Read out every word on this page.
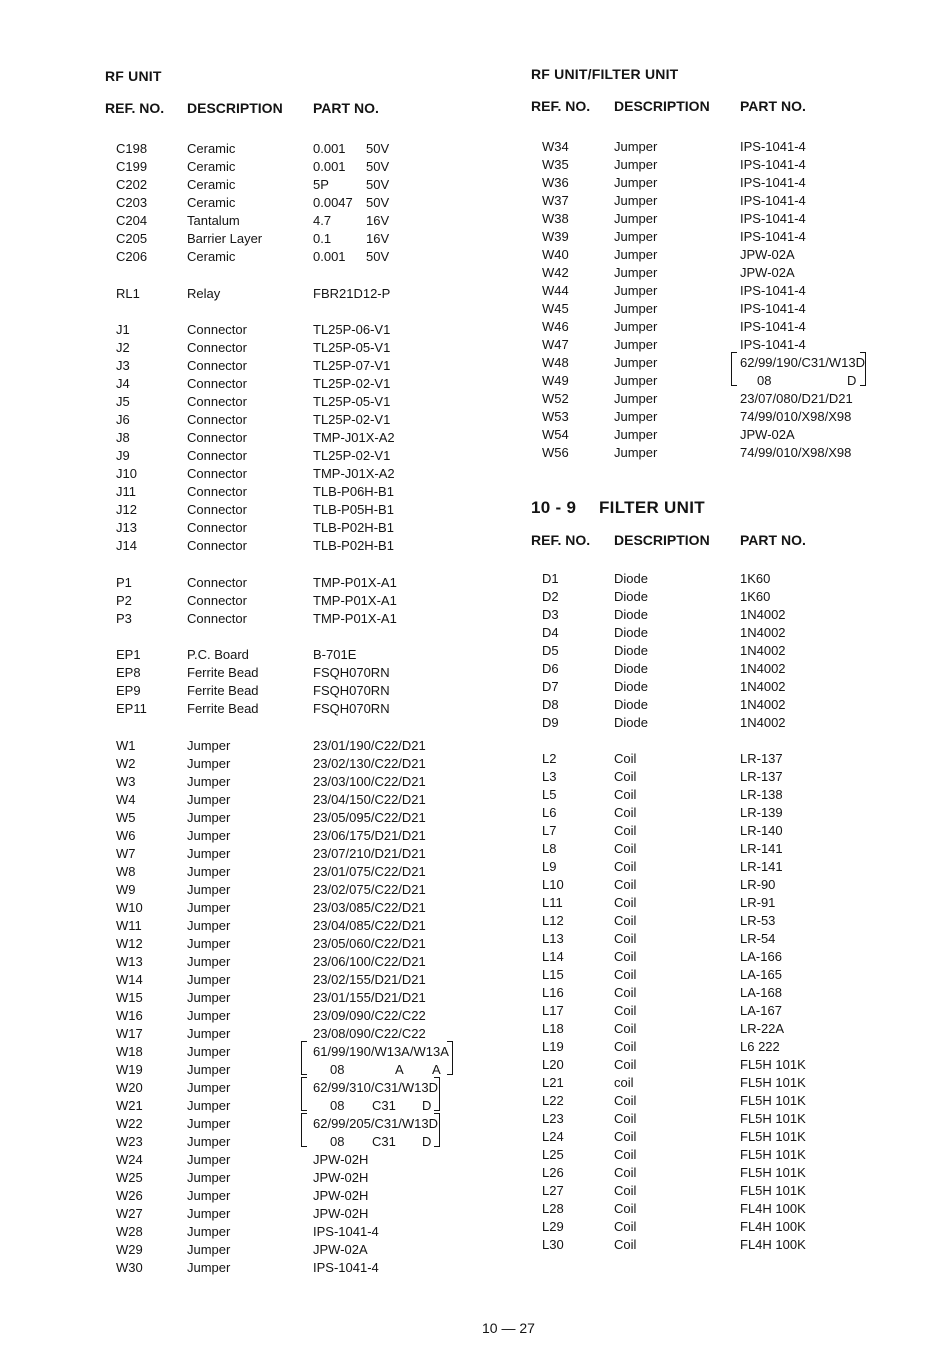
RF UNIT
REF. NO. DESCRIPTION PART NO.
C198	Ceramic	0.001 50V
C199	Ceramic	0.001 50V
C202	Ceramic	5P	50V
C203	Ceramic	0.0047 50V
C204	Tantalum	4.7	16V
C205	Barrier Layer	0.1	16V
C206	Ceramic	0.001 50V
RL1	Relay	FBR21D12-P
J1	Connector	TL25P-06-V1
J2	Connector	TL25P-05-V1
J3	Connector	TL25P-07-V1
J4	Connector	TL25P-02-V1
J5	Connector	TL25P-05-V1
J6	Connector	TL25P-02-V1
J8	Connector	TMP-J01X-A2
J9	Connector	TL25P-02-V1
J10	Connector	TMP-J01X-A2
J11	Connector	TLB-P06H-B1
J12	Connector	TLB-P05H-B1
J13	Connector	TLB-P02H-B1
J14	Connector	TLB-P02H-B1
P1	Connector	TMP-P01X-A1
P2	Connector	TMP-P01X-A1
P3	Connector	TMP-P01X-A1
EP1	P.C. Board	B-701E
EP8	Ferrite Bead	FSQH070RN
EP9	Ferrite Bead	FSQH070RN
EP11	Ferrite Bead	FSQH070RN
W1	Jumper	23/01/190/C22/D21
W2	Jumper	23/02/130/C22/D21
W3	Jumper	23/03/100/C22/D21
W4	Jumper	23/04/150/C22/D21
W5	Jumper	23/05/095/C22/D21
W6	Jumper	23/06/175/D21/D21
W7	Jumper	23/07/210/D21/D21
W8	Jumper	23/01/075/C22/D21
W9	Jumper	23/02/075/C22/D21
W10	Jumper	23/03/085/C22/D21
W11	Jumper	23/04/085/C22/D21
W12	Jumper	23/05/060/C22/D21
W13	Jumper	23/06/100/C22/D21
W14	Jumper	23/02/155/D21/D21
W15	Jumper	23/01/155/D21/D21
W16	Jumper	23/09/090/C22/C22
W17	Jumper	23/08/090/C22/C22
W18	Jumper	61/99/190/W13A/W13A
W19	Jumper	08	A A
W20	Jumper	62/99/310/C31/W13D
W21	Jumper	08 C31 D
W22	Jumper	62/99/205/C31/W13D
W23	Jumper	08 C31 D
W24	Jumper	JPW-02H
W25	Jumper	JPW-02H
W26	Jumper	JPW-02H
W27	Jumper	JPW-02H
W28	Jumper	IPS-1041-4
W29	Jumper	JPW-02A
W30	Jumper	IPS-1041-4
RF UNIT/FILTER UNIT
REF. NO. DESCRIPTION PART NO.
W34	Jumper	IPS-1041-4
W35	Jumper	IPS-1041-4
W36	Jumper	IPS-1041-4
W37	Jumper	IPS-1041-4
W38	Jumper	IPS-1041-4
W39	Jumper	IPS-1041-4
W40	Jumper	JPW-02A
W42	Jumper	JPW-02A
W44	Jumper	IPS-1041-4
W45	Jumper	IPS-1041-4
W46	Jumper	IPS-1041-4
W47	Jumper	IPS-1041-4
W48	Jumper	62/99/190/C31/W13D
W49	Jumper	08	D
W52	Jumper	23/07/080/D21/D21
W53	Jumper	74/99/010/X98/X98
W54	Jumper	JPW-02A
W56	Jumper	74/99/010/X98/X98
10 - 9 FILTER UNIT
REF. NO. DESCRIPTION PART NO.
D1	Diode	1K60
D2	Diode	1K60
D3	Diode	1N4002
D4	Diode	1N4002
D5	Diode	1N4002
D6	Diode	1N4002
D7	Diode	1N4002
D8	Diode	1N4002
D9	Diode	1N4002
L2	Coil	LR-137
L3	Coil	LR-137
L5	Coil	LR-138
L6	Coil	LR-139
L7	Coil	LR-140
L8	Coil	LR-141
L9	Coil	LR-141
L10	Coil	LR-90
L11	Coil	LR-91
L12	Coil	LR-53
L13	Coil	LR-54
L14	Coil	LA-166
L15	Coil	LA-165
L16	Coil	LA-168
L17	Coil	LA-167
L18	Coil	LR-22A
L19	Coil	L6 222
L20	Coil	FL5H 101K
L21	coil	FL5H 101K
L22	Coil	FL5H 101K
L23	Coil	FL5H 101K
L24	Coil	FL5H 101K
L25	Coil	FL5H 101K
L26	Coil	FL5H 101K
L27	Coil	FL5H 101K
L28	Coil	FL4H 100K
L29	Coil	FL4H 100K
L30	Coil	FL4H 100K
10 — 27
